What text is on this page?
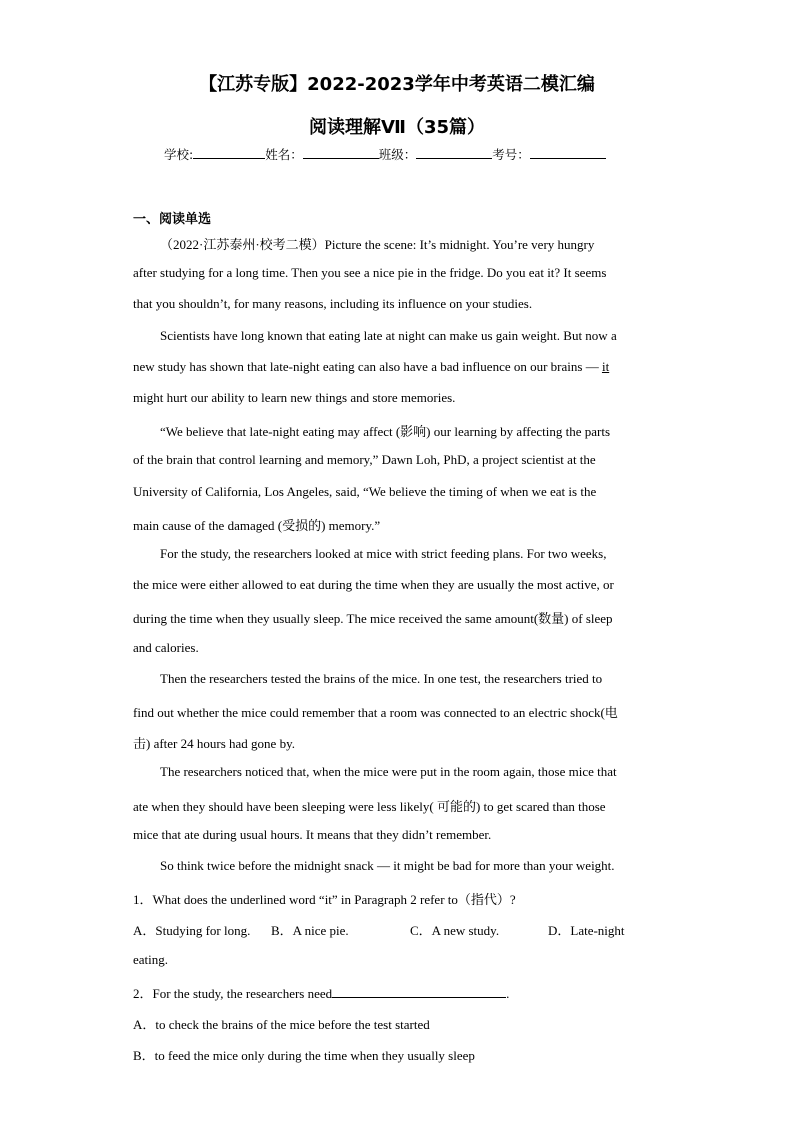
【江苏专版】2022-2023学年中考英语二模汇编
阅读理解Ⅶ（35篇）
学校:	姓名：	班级：	考号：
一、阅读单选
（2022·江苏泰州·校考二模）Picture the scene: It’s midnight. You’re very hungry
after studying for a long time. Then you see a nice pie in the fridge. Do you eat it? It seems
that you shouldn’t, for many reasons, including its influence on your studies.
Scientists have long known that eating late at night can make us gain weight. But now a
new study has shown that late-night eating can also have a bad influence on our brains — it
might hurt our ability to learn new things and store memories.
“We believe that late-night eating may affect (影响) our learning by affecting the parts
of the brain that control learning and memory,” Dawn Loh, PhD, a project scientist at the
University of California, Los Angeles, said, “We believe the timing of when we eat is the
main cause of the damaged (受损的) memory.”
For the study, the researchers looked at mice with strict feeding plans. For two weeks,
the mice were either allowed to eat during the time when they are usually the most active, or
during the time when they usually sleep. The mice received the same amount(数量) of sleep
and calories.
Then the researchers tested the brains of the mice. In one test, the researchers tried to
find out whether the mice could remember that a room was connected to an electric shock(电
击) after 24 hours had gone by.
The researchers noticed that, when the mice were put in the room again, those mice that
ate when they should have been sleeping were less likely( 可能的) to get scared than those
mice that ate during usual hours. It means that they didn’t remember.
So think twice before the midnight snack — it might be bad for more than your weight.
1．What does the underlined word “it” in Paragraph 2 refer to（指代）?
A．Studying for long. B．A nice pie.	C．A new study.	D．Late-night
eating.
2．For the study, the researchers need	.
A．to check the brains of the mice before the test started
B．to feed the mice only during the time when they usually sleep
